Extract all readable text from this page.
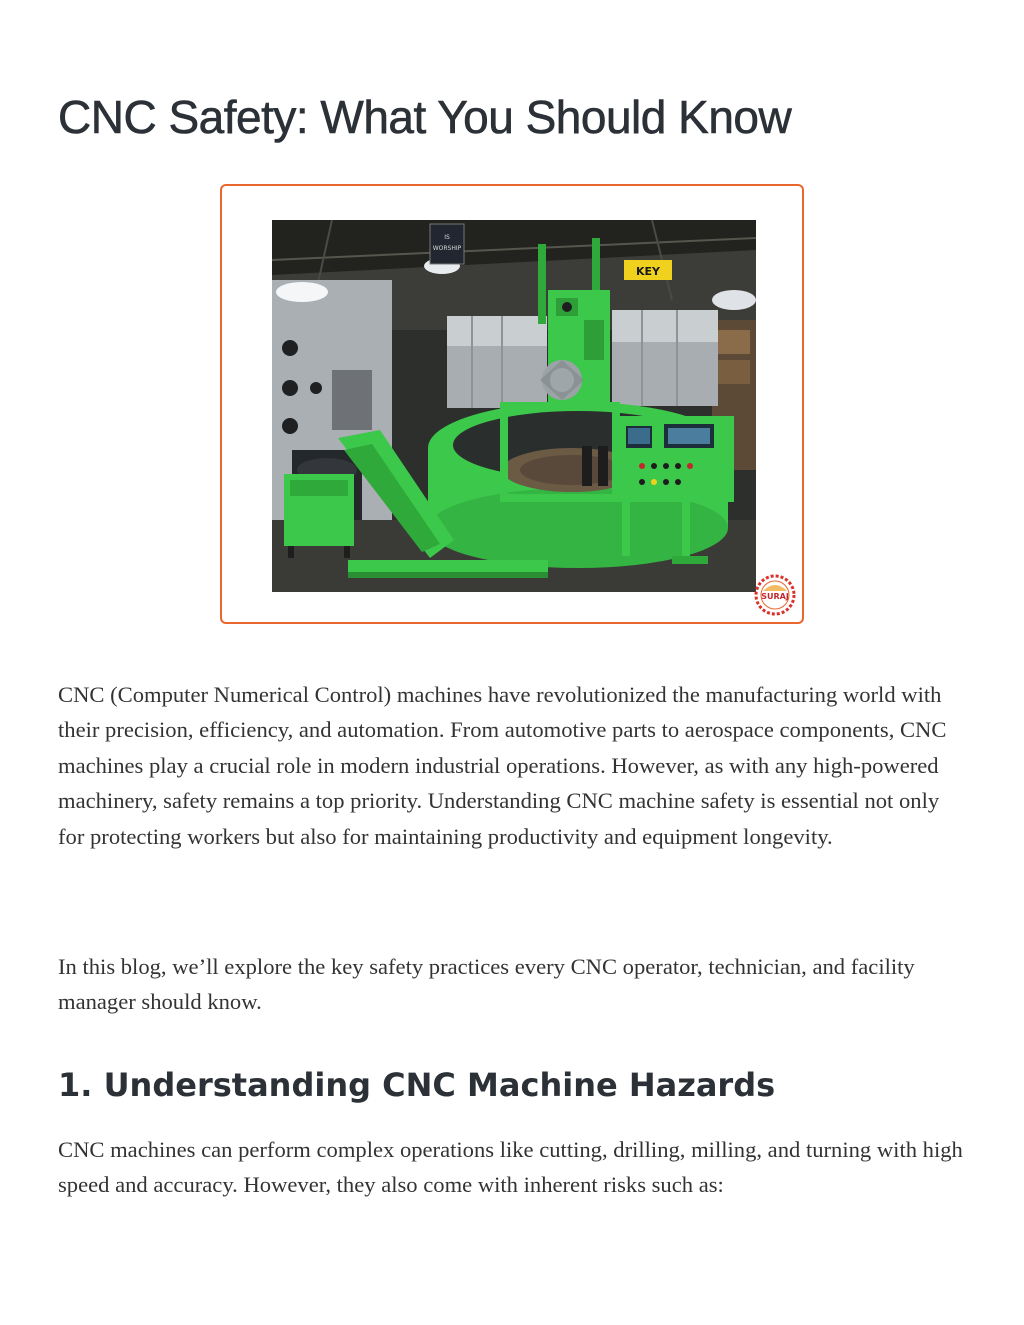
CNC Safety: What You Should Know
IS
WORSHIP
KEY
SURAJ

CNC (Computer Numerical Control) machines have revolutionized the manufacturing world with their precision, efficiency, and automation. From automotive parts to aerospace components, CNC machines play a crucial role in modern industrial operations. However, as with any high-powered machinery, safety remains a top priority. Understanding CNC machine safety is essential not only for protecting workers but also for maintaining productivity and equipment longevity.

In this blog, we’ll explore the key safety practices every CNC operator, technician, and facility manager should know.

1. Understanding CNC Machine Hazards

CNC machines can perform complex operations like cutting, drilling, milling, and turning with high speed and accuracy. However, they also come with inherent risks such as:
